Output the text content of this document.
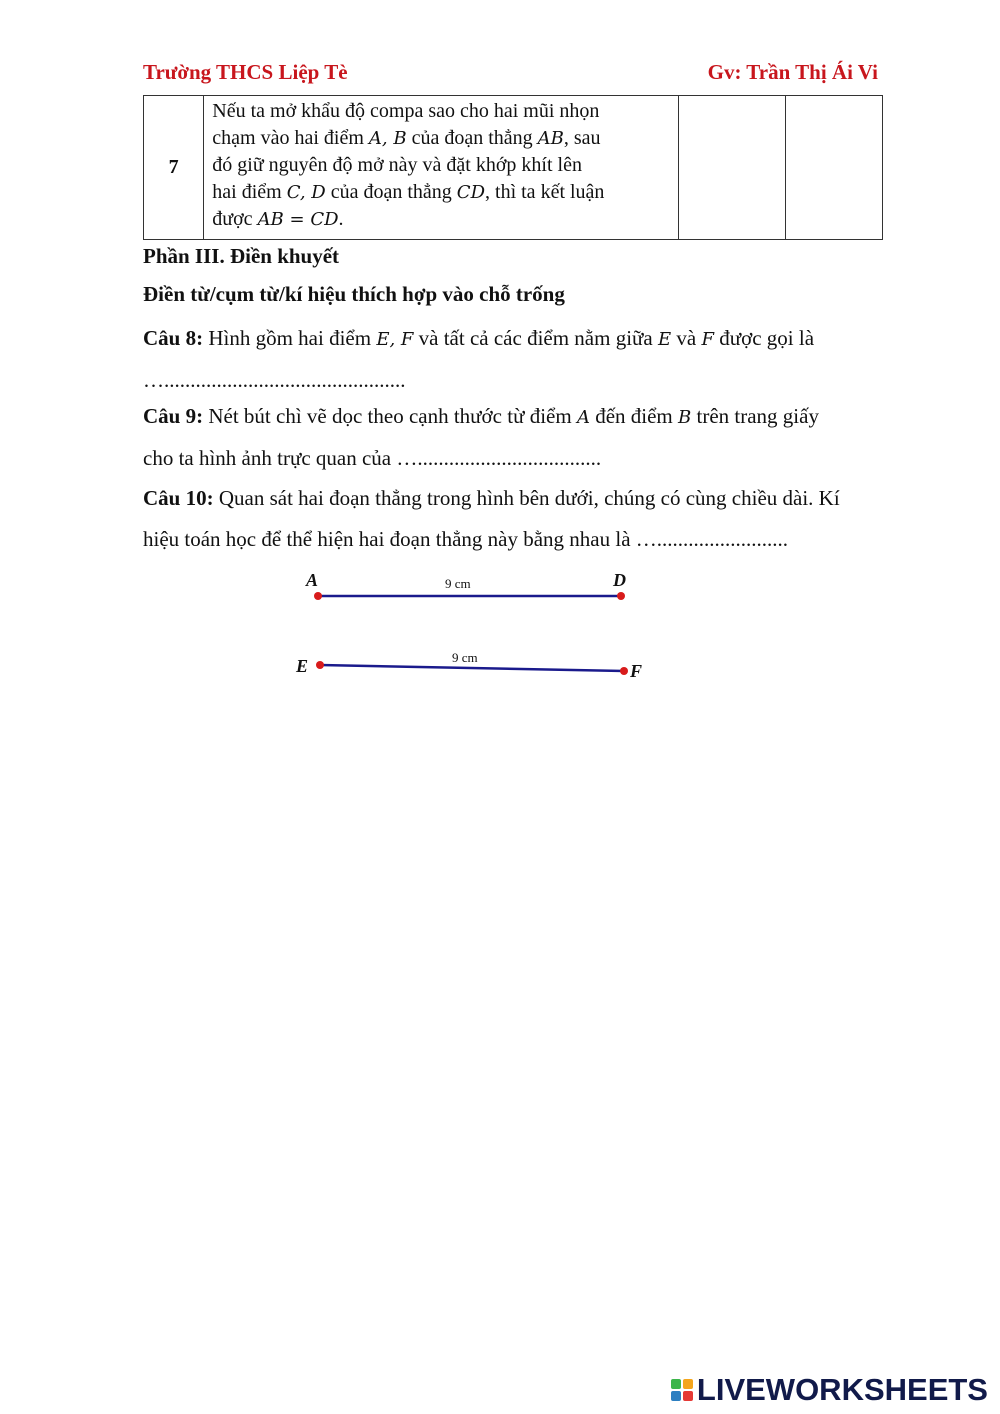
Trường THCS Liệp Tè	Gv: Trần Thị Ái Vi
7	Nếu ta mở khẩu độ compa sao cho hai mũi nhọn
chạm vào hai điểm A, B của đoạn thẳng AB, sau
đó giữ nguyên độ mở này và đặt khớp khít lên
hai điểm C, D của đoạn thẳng CD, thì ta kết luận
được AB = CD.		
Phần III. Điền khuyết
Điền từ/cụm từ/kí hiệu thích hợp vào chỗ trống
Câu 8: Hình gồm hai điểm E, F và tất cả các điểm nằm giữa E và F được gọi là
…..............................................
Câu 9: Nét bút chì vẽ dọc theo cạnh thước từ điểm A đến điểm B trên trang giấy
cho ta hình ảnh trực quan của …...................................
Câu 10: Quan sát hai đoạn thẳng trong hình bên dưới, chúng có cùng chiều dài. Kí
hiệu toán học để thể hiện hai đoạn thẳng này bằng nhau là ….........................
A	D
9 cm
E	F
9 cm
LIVEWORKSHEETS
